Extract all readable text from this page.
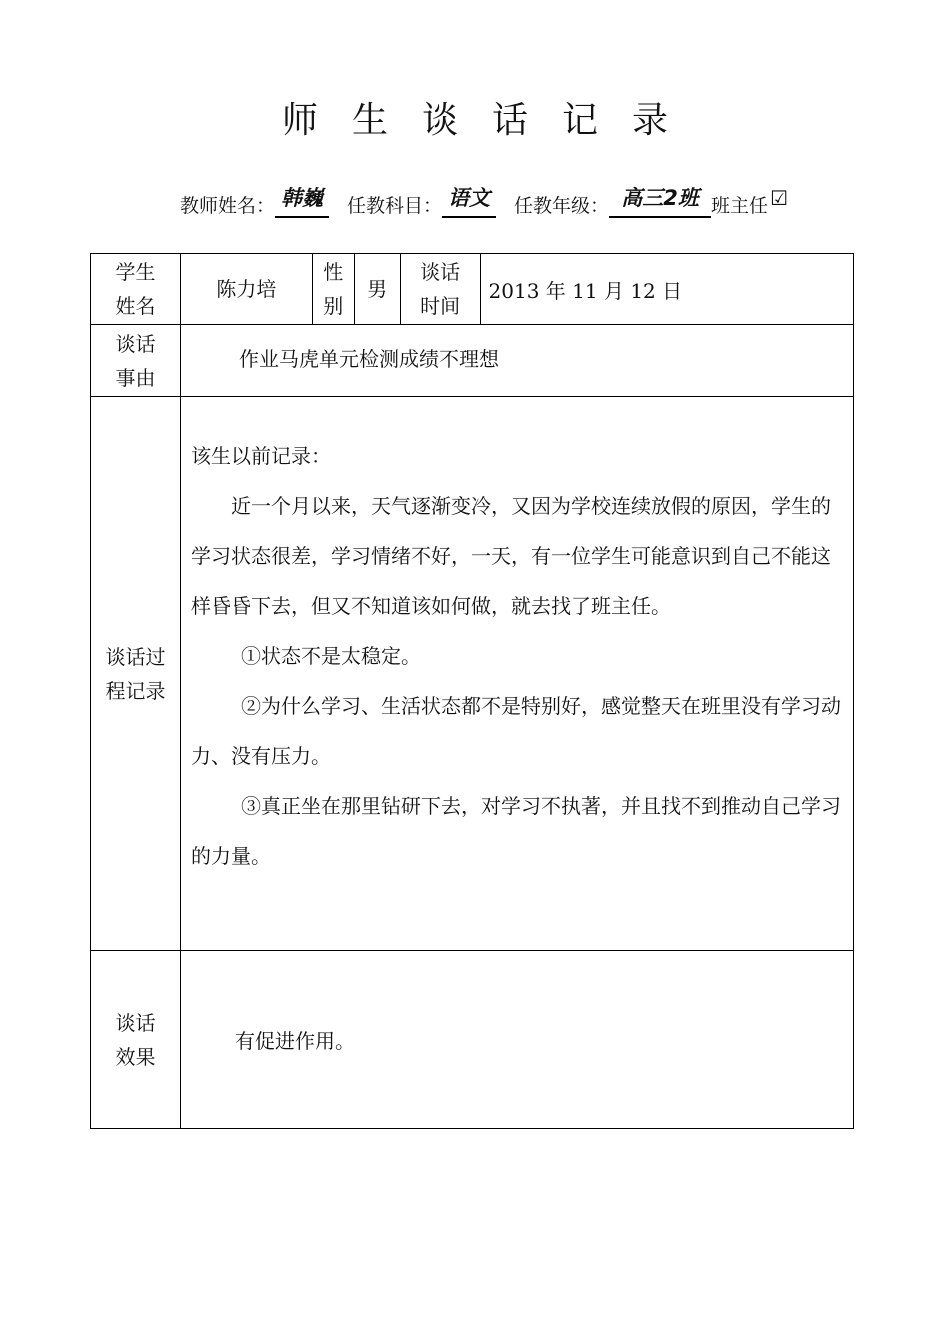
师生谈话记录
教师姓名： 韩巍	任教科目： 语文	任教年级： 高三2班 班主任 ☑
学生姓名	陈力培	性别	男	谈话时间	2013 年 11 月 12 日

谈话事由	作业马虎单元检测成绩不理想				

谈话过程记录	该生以前记录：

近一个月以来，天气逐渐变冷，又因为学校连续放假的原因，学生的学习状态很差，学习情绪不好，一天，有一位学生可能意识到自己不能这样昏昏下去，但又不知道该如何做，就去找了班主任。

①状态不是太稳定。

②为什么学习、生活状态都不是特别好，感觉整天在班里没有学习动力、没有压力。

③真正坐在那里钻研下去，对学习不执著，并且找不到推动自己学习的力量。				

谈话效果	有促进作用。				
